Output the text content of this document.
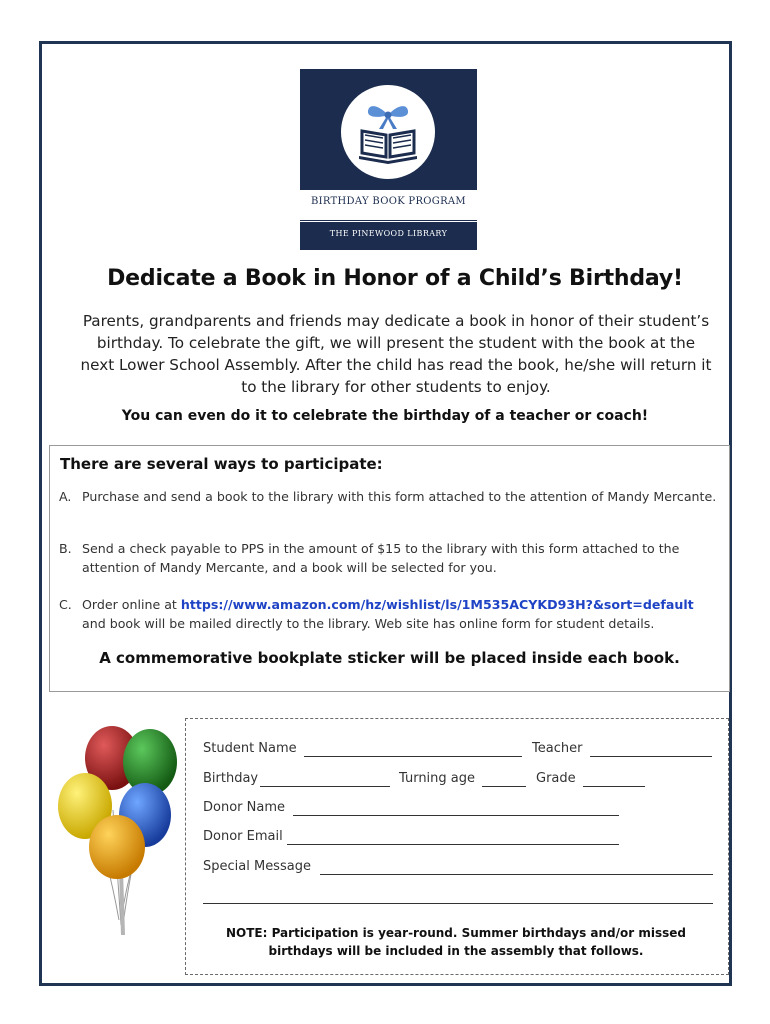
BIRTHDAY BOOK PROGRAM
THE PINEWOOD LIBRARY
Dedicate a Book in Honor of a Child’s Birthday!
Parents, grandparents and friends may dedicate a book in honor of their student’s birthday. To celebrate the gift, we will present the student with the book at the next Lower School Assembly. After the child has read the book, he/she will return it to the library for other students to enjoy.
You can even do it to celebrate the birthday of a teacher or coach!
There are several ways to participate:
A. Purchase and send a book to the library with this form attached to the attention of Mandy Mercante.
B. Send a check payable to PPS in the amount of $15 to the library with this form attached to the attention of Mandy Mercante, and a book will be selected for you.
C. Order online at https://www.amazon.com/hz/wishlist/ls/1M535ACYKD93H?&sort=default
and book will be mailed directly to the library. Web site has online form for student details.
A commemorative bookplate sticker will be placed inside each book.
Student Name	Teacher
Birthday	Turning age	Grade
Donor Name
Donor Email
Special Message
NOTE: Participation is year-round. Summer birthdays and/or missed
birthdays will be included in the assembly that follows.
